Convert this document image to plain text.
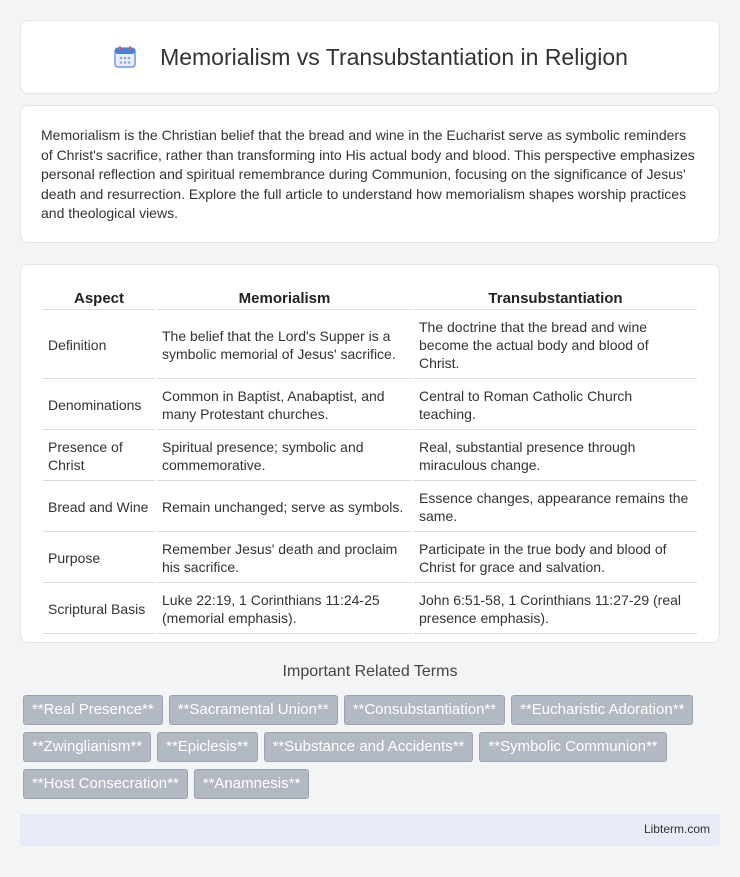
Memorialism vs Transubstantiation in Religion

Memorialism is the Christian belief that the bread and wine in the Eucharist serve as symbolic reminders of Christ's sacrifice, rather than transforming into His actual body and blood. This perspective emphasizes personal reflection and spiritual remembrance during Communion, focusing on the significance of Jesus' death and resurrection. Explore the full article to understand how memorialism shapes worship practices and theological views.

Aspect	Memorialism	Transubstantiation
Definition	The belief that the Lord's Supper is a symbolic memorial of Jesus' sacrifice.	The doctrine that the bread and wine become the actual body and blood of Christ.
Denominations	Common in Baptist, Anabaptist, and many Protestant churches.	Central to Roman Catholic Church teaching.
Presence of Christ	Spiritual presence; symbolic and commemorative.	Real, substantial presence through miraculous change.
Bread and Wine	Remain unchanged; serve as symbols.	Essence changes, appearance remains the same.
Purpose	Remember Jesus' death and proclaim his sacrifice.	Participate in the true body and blood of Christ for grace and salvation.
Scriptural Basis	Luke 22:19, 1 Corinthians 11:24-25 (memorial emphasis).	John 6:51-58, 1 Corinthians 11:27-29 (real presence emphasis).
Important Related Terms
**Real Presence**	**Sacramental Union**	**Consubstantiation**	**Eucharistic Adoration**
**Zwinglianism**	**Epiclesis**	**Substance and Accidents**	**Symbolic Communion**
**Host Consecration**	**Anamnesis**
Libterm.com
